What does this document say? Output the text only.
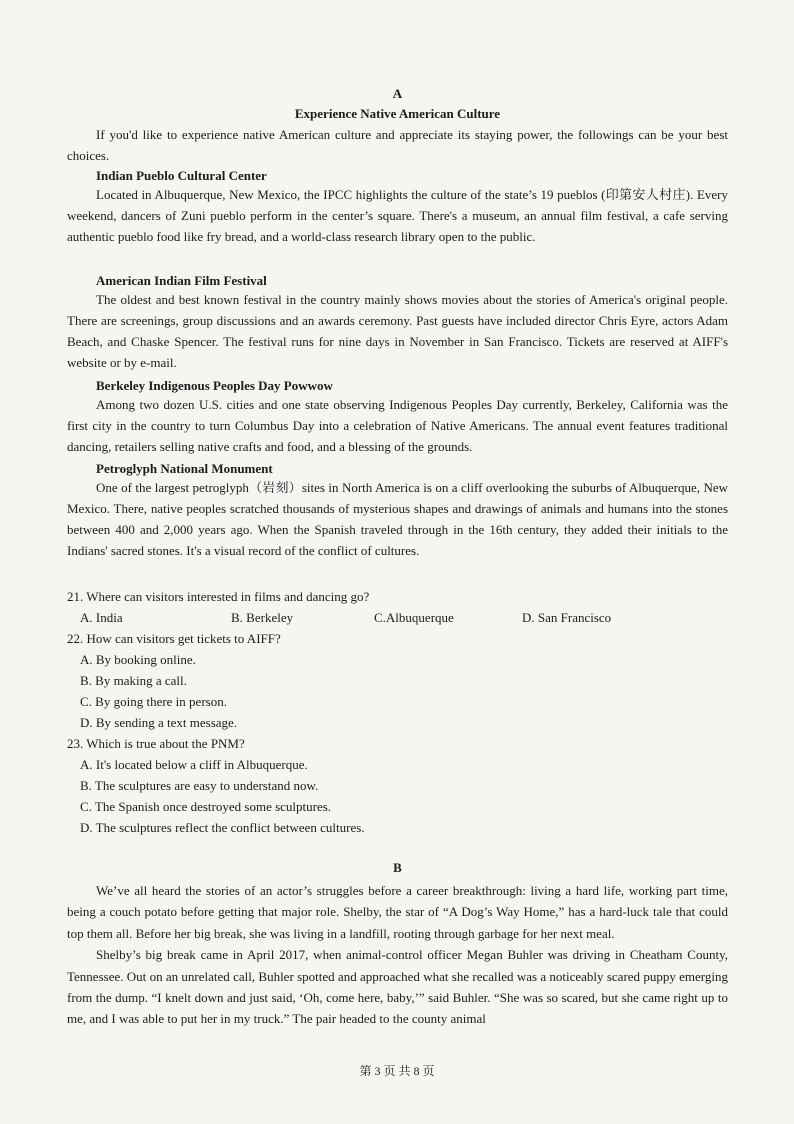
A
Experience Native American Culture

If you'd like to experience native American culture and appreciate its staying power, the followings can be your best choices.

Indian Pueblo Cultural Center

Located in Albuquerque, New Mexico, the IPCC highlights the culture of the state’s 19 pueblos (印第安人村庄). Every weekend, dancers of Zuni pueblo perform in the center’s square. There's a museum, an annual film festival, a cafe serving authentic pueblo food like fry bread, and a world-class research library open to the public.

American Indian Film Festival

The oldest and best known festival in the country mainly shows movies about the stories of America's original people. There are screenings, group discussions and an awards ceremony. Past guests have included director Chris Eyre, actors Adam Beach, and Chaske Spencer. The festival runs for nine days in November in San Francisco. Tickets are reserved at AIFF's website or by e-mail.

Berkeley Indigenous Peoples Day Powwow

Among two dozen U.S. cities and one state observing Indigenous Peoples Day currently, Berkeley, California was the first city in the country to turn Columbus Day into a celebration of Native Americans. The annual event features traditional dancing, retailers selling native crafts and food, and a blessing of the grounds.

Petroglyph National Monument

One of the largest petroglyph（岩刻）sites in North America is on a cliff overlooking the suburbs of Albuquerque, New Mexico. There, native peoples scratched thousands of mysterious shapes and drawings of animals and humans into the stones between 400 and 2,000 years ago. When the Spanish traveled through in the 16th century, they added their initials to the Indians' sacred stones. It's a visual record of the conflict of cultures.

21. Where can visitors interested in films and dancing go?
A. India	B. Berkeley	C.Albuquerque	D. San Francisco
22. How can visitors get tickets to AIFF?
A. By booking online.
B. By making a call.
C. By going there in person.
D. By sending a text message.
23. Which is true about the PNM?
A. It's located below a cliff in Albuquerque.
B. The sculptures are easy to understand now.
C. The Spanish once destroyed some sculptures.
D. The sculptures reflect the conflict between cultures.
B

We’ve all heard the stories of an actor’s struggles before a career breakthrough: living a hard life, working part time, being a couch potato before getting that major role. Shelby, the star of “A Dog’s Way Home,” has a hard-luck tale that could top them all. Before her big break, she was living in a landfill, rooting through garbage for her next meal.

Shelby’s big break came in April 2017, when animal-control officer Megan Buhler was driving in Cheatham County, Tennessee. Out on an unrelated call, Buhler spotted and approached what she recalled was a noticeably scared puppy emerging from the dump. “I knelt down and just said, ‘Oh, come here, baby,’” said Buhler. “She was so scared, but she came right up to me, and I was able to put her in my truck.” The pair headed to the county animal

第 3 页 共 8 页
